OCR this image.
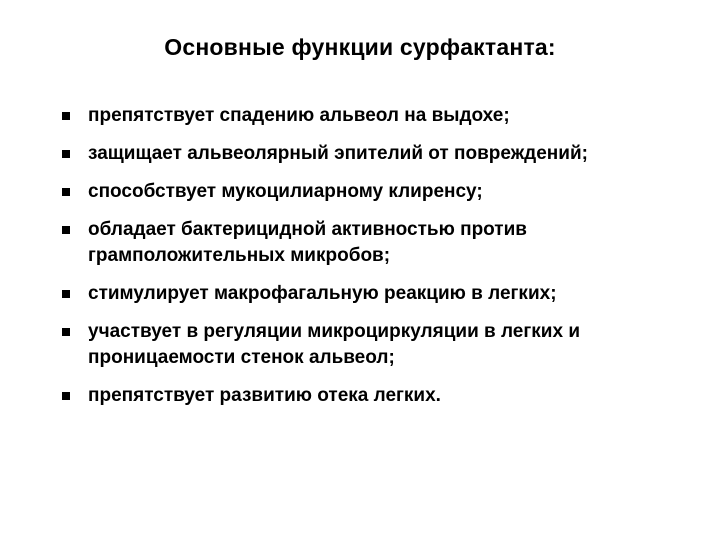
Основные функции сурфактанта:
препятствует спадению альвеол на выдохе;
защищает альвеолярный эпителий от повреждений;
способствует мукоцилиарному клиренсу;
обладает бактерицидной активностью против грамположительных микробов;
стимулирует макрофагальную реакцию в легких;
участвует в регуляции микроциркуляции в легких и проницаемости стенок альвеол;
препятствует развитию отека легких.
